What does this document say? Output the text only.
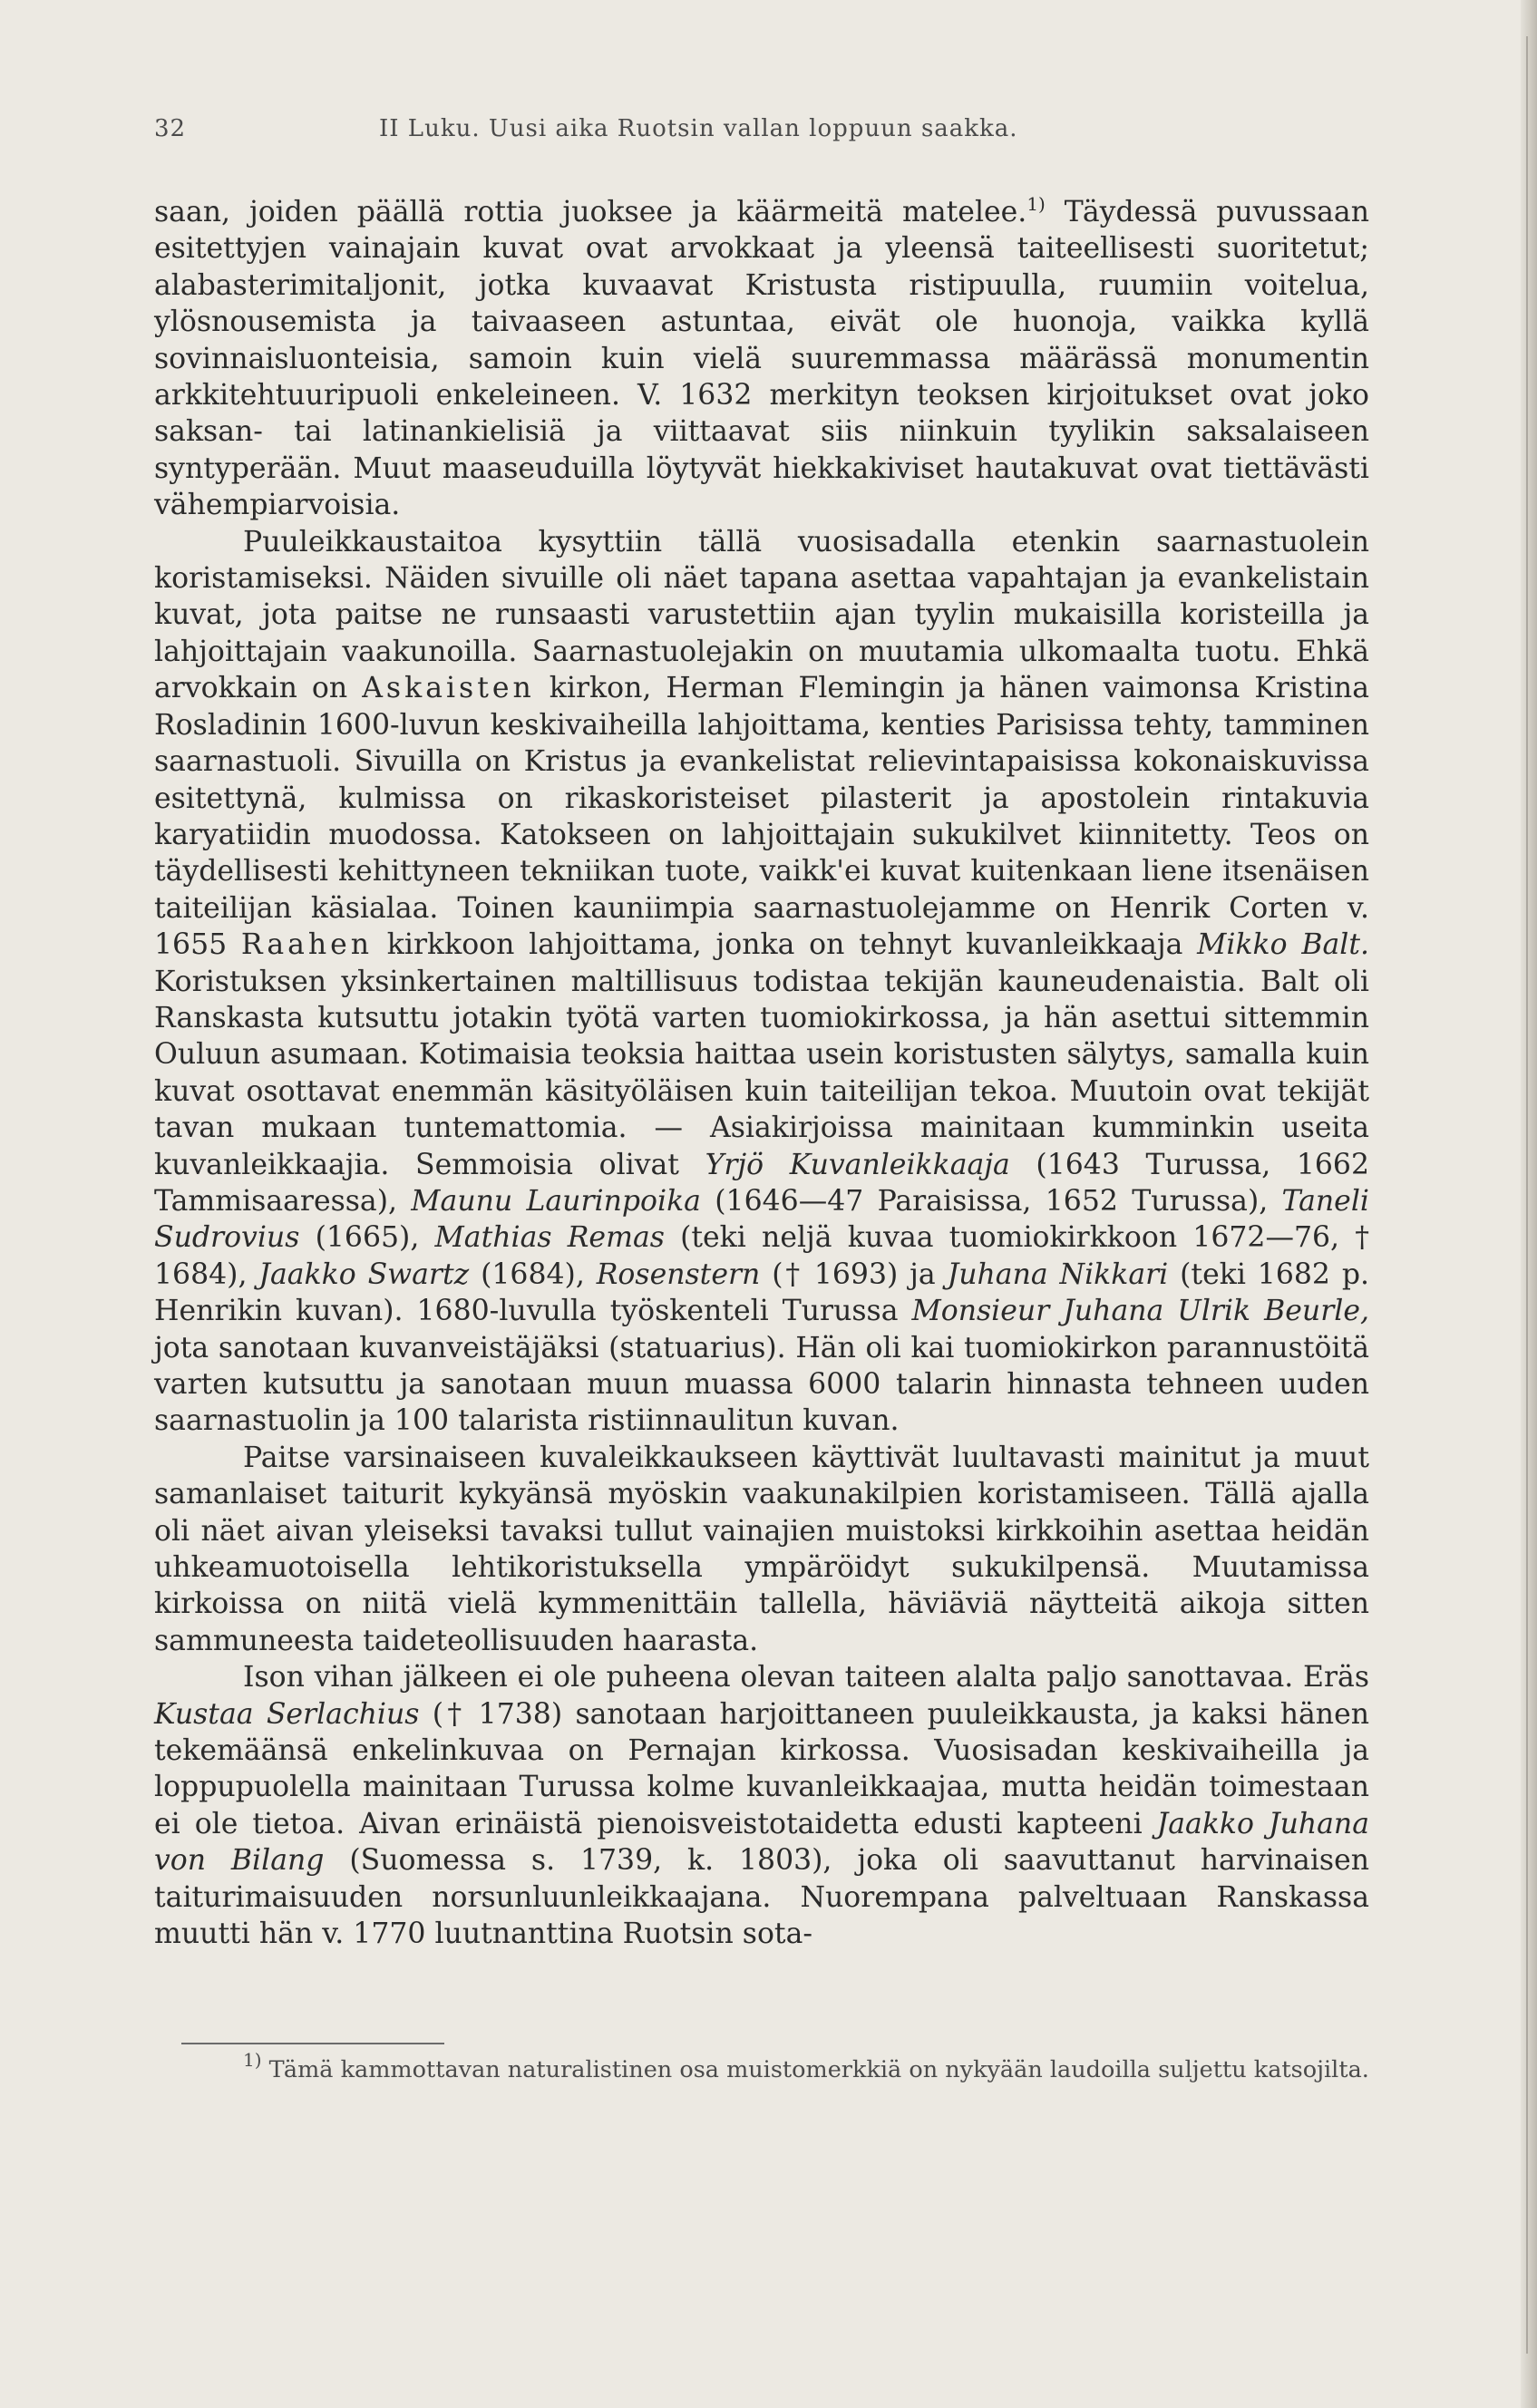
32	II Luku. Uusi aika Ruotsin vallan loppuun saakka.

saan, joiden päällä rottia juoksee ja käärmeitä matelee.$^{1)}$ Täydessä puvussaan esitettyjen vainajain kuvat ovat arvokkaat ja yleensä taiteellisesti suoritetut; alabasterimitaljonit, jotka kuvaavat Kristusta ristipuulla, ruumiin voitelua, ylösnousemista ja taivaaseen astuntaa, eivät ole huonoja, vaikka kyllä sovinnaisluonteisia, samoin kuin vielä suuremmassa määrässä monumentin arkkitehtuuripuoli enkeleineen. V. 1632 merkityn teoksen kirjoitukset ovat joko saksan- tai latinankielisiä ja viittaavat siis niinkuin tyylikin saksalaiseen syntyperään. Muut maaseuduilla löytyvät hiekkakiviset hautakuvat ovat tiettävästi vähempiarvoisia.

Puuleikkaustaitoa kysyttiin tällä vuosisadalla etenkin saarnastuolein koristamiseksi. Näiden sivuille oli näet tapana asettaa vapahtajan ja evankelistain kuvat, jota paitse ne runsaasti varustettiin ajan tyylin mukaisilla koristeilla ja lahjoittajain vaakunoilla. Saarnastuolejakin on muutamia ulkomaalta tuotu. Ehkä arvokkain on Askaisten kirkon, Herman Flemingin ja hänen vaimonsa Kristina Rosladinin 1600-luvun keskivaiheilla lahjoittama, kenties Parisissa tehty, tamminen saarnastuoli. Sivuilla on Kristus ja evankelistat relievintapaisissa kokonaiskuvissa esitettynä, kulmissa on rikaskoristeiset pilasterit ja apostolein rintakuvia karyatiidin muodossa. Katokseen on lahjoittajain sukukilvet kiinnitetty. Teos on täydellisesti kehittyneen tekniikan tuote, vaikk'ei kuvat kuitenkaan liene itsenäisen taiteilijan käsialaa. Toinen kauniimpia saarnastuolejamme on Henrik Corten v. 1655 Raahen kirkkoon lahjoittama, jonka on tehnyt kuvanleikkaaja Mikko Balt. Koristuksen yksinkertainen maltillisuus todistaa tekijän kauneudenaistia. Balt oli Ranskasta kutsuttu jotakin työtä varten tuomiokirkossa, ja hän asettui sittemmin Ouluun asumaan. Kotimaisia teoksia haittaa usein koristusten sälytys, samalla kuin kuvat osottavat enemmän käsityöläisen kuin taiteilijan tekoa. Muutoin ovat tekijät tavan mukaan tuntemattomia. — Asiakirjoissa mainitaan kumminkin useita kuvanleikkaajia. Semmoisia olivat Yrjö Kuvanleikkaaja (1643 Turussa, 1662 Tammisaaressa), Maunu Laurinpoika (1646—47 Paraisissa, 1652 Turussa), Taneli Sudrovius (1665), Mathias Remas (teki neljä kuvaa tuomiokirkkoon 1672—76, † 1684), Jaakko Swartz (1684), Rosenstern († 1693) ja Juhana Nikkari (teki 1682 p. Henrikin kuvan). 1680-luvulla työskenteli Turussa Monsieur Juhana Ulrik Beurle, jota sanotaan kuvanveistäjäksi (statuarius). Hän oli kai tuomiokirkon parannustöitä varten kutsuttu ja sanotaan muun muassa 6000 talarin hinnasta tehneen uuden saarnastuolin ja 100 talarista ristiinnaulitun kuvan.

Paitse varsinaiseen kuvaleikkaukseen käyttivät luultavasti mainitut ja muut samanlaiset taiturit kykyänsä myöskin vaakunakilpien koristamiseen. Tällä ajalla oli näet aivan yleiseksi tavaksi tullut vainajien muistoksi kirkkoihin asettaa heidän uhkeamuotoisella lehtikoristuksella ympäröidyt sukukilpensä. Muutamissa kirkoissa on niitä vielä kymmenittäin tallella, häviäviä näytteitä aikoja sitten sammuneesta taideteollisuuden haarasta.

Ison vihan jälkeen ei ole puheena olevan taiteen alalta paljo sanottavaa. Eräs Kustaa Serlachius († 1738) sanotaan harjoittaneen puuleikkausta, ja kaksi hänen tekemäänsä enkelinkuvaa on Pernajan kirkossa. Vuosisadan keskivaiheilla ja loppupuolella mainitaan Turussa kolme kuvanleikkaajaa, mutta heidän toimestaan ei ole tietoa. Aivan erinäistä pienoisveistotaidetta edusti kapteeni Jaakko Juhana von Bilang (Suomessa s. 1739, k. 1803), joka oli saavuttanut harvinaisen taiturimaisuuden norsunluunleikkaajana. Nuorempana palveltuaan Ranskassa muutti hän v. 1770 luutnanttina Ruotsin sota-

$^{1)}$ Tämä kammottavan naturalistinen osa muistomerkkiä on nykyään laudoilla suljettu katsojilta.
